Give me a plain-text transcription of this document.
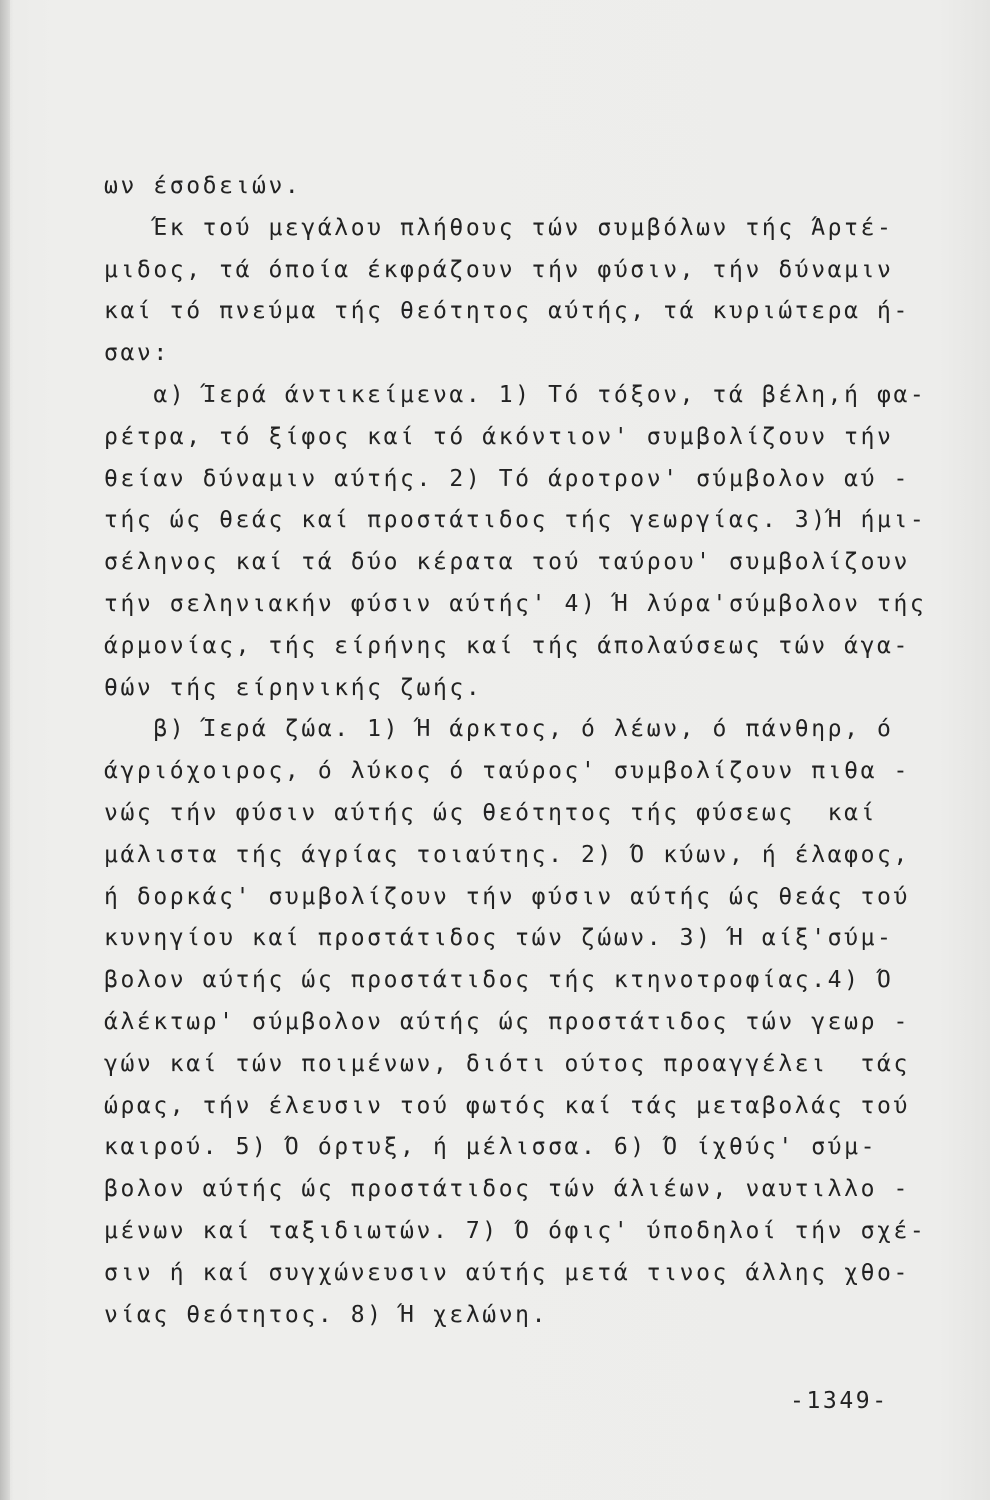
ων έσοδειών.
Έκ τού μεγάλου πλήθους τών συμβόλων τής Άρτέ-
μιδος, τά όποία έκφράζουν τήν φύσιν, τήν δύναμιν
καί τό πνεύμα τής θεότητος αύτής, τά κυριώτερα ή-
σαν:
α) Ίερά άντικείμενα. 1) Τό τόξον, τά βέλη,ή φα-
ρέτρα, τό ξίφος καί τό άκόντιον' συμβολίζουν τήν
θείαν δύναμιν αύτής. 2) Τό άροτρον' σύμβολον αύ -
τής ώς θεάς καί προστάτιδος τής γεωργίας. 3)Ή ήμι-
σέληνος καί τά δύο κέρατα τού ταύρου' συμβολίζουν
τήν σεληνιακήν φύσιν αύτής' 4) Ή λύρα'σύμβολον τής
άρμονίας, τής είρήνης καί τής άπολαύσεως τών άγα-
θών τής είρηνικής ζωής.
β) Ίερά ζώα. 1) Ή άρκτος, ό λέων, ό πάνθηρ, ό
άγριόχοιρος, ό λύκος ό ταύρος' συμβολίζουν πιθα -
νώς τήν φύσιν αύτής ώς θεότητος τής φύσεως  καί
μάλιστα τής άγρίας τοιαύτης. 2) Ό κύων, ή έλαφος,
ή δορκάς' συμβολίζουν τήν φύσιν αύτής ώς θεάς τού
κυνηγίου καί προστάτιδος τών ζώων. 3) Ή αίξ'σύμ-
βολον αύτής ώς προστάτιδος τής κτηνοτροφίας.4) Ό
άλέκτωρ' σύμβολον αύτής ώς προστάτιδος τών γεωρ -
γών καί τών ποιμένων, διότι ούτος προαγγέλει  τάς
ώρας, τήν έλευσιν τού φωτός καί τάς μεταβολάς τού
καιρού. 5) Ό όρτυξ, ή μέλισσα. 6) Ό ίχθύς' σύμ-
βολον αύτής ώς προστάτιδος τών άλιέων, ναυτιλλο -
μένων καί ταξιδιωτών. 7) Ό όφις' ύποδηλοί τήν σχέ-
σιν ή καί συγχώνευσιν αύτής μετά τινος άλλης χθο-
νίας θεότητος. 8) Ή χελώνη.
-1349-
